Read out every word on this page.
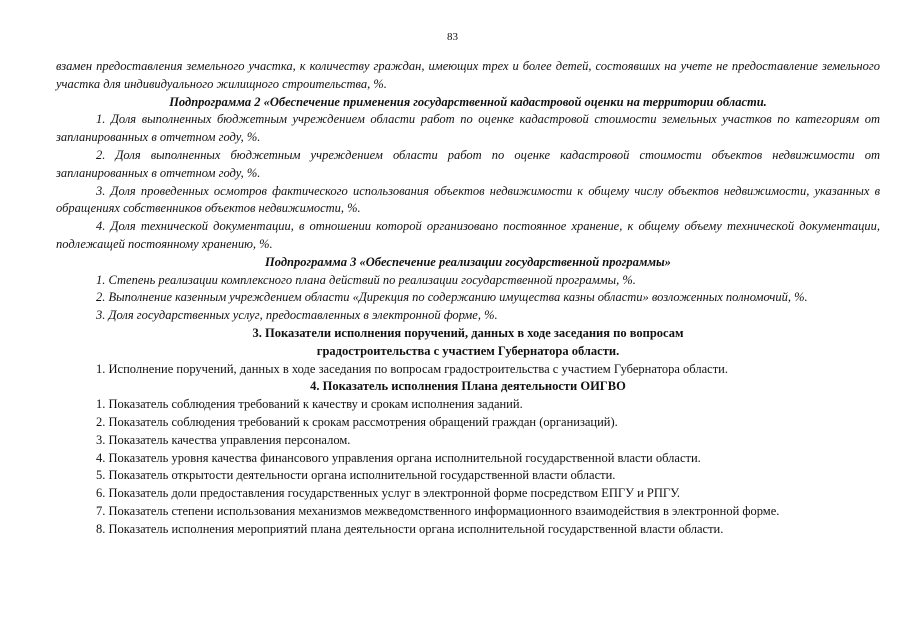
83

взамен предоставления земельного участка, к количеству граждан, имеющих трех и более детей, состоявших на учете не предоставление земельного участка для индивидуального жилищного строительства, %.

Подпрограмма 2 «Обеспечение применения государственной кадастровой оценки на территории области.

1. Доля выполненных бюджетным учреждением области работ по оценке кадастровой стоимости земельных участков по категориям от запланированных в отчетном году, %.

2. Доля выполненных бюджетным учреждением области работ по оценке кадастровой стоимости объектов недвижимости от запланированных в отчетном году, %.

3. Доля проведенных осмотров фактического использования объектов недвижимости к общему числу объектов недвижимости, указанных в обращениях собственников объектов недвижимости, %.

4. Доля технической документации, в отношении которой организовано постоянное хранение, к общему объему технической документации, подлежащей постоянному хранению, %.

Подпрограмма 3 «Обеспечение реализации государственной программы»

1. Степень реализации комплексного плана действий по реализации государственной программы, %.

2. Выполнение казенным учреждением области «Дирекция по содержанию имущества казны области» возложенных полномочий, %.

3. Доля государственных услуг, предоставленных в электронной форме, %.

3. Показатели исполнения поручений, данных в ходе заседания по вопросам

градостроительства с участием Губернатора области.

1. Исполнение поручений, данных в ходе заседания по вопросам градостроительства с участием Губернатора области.

4. Показатель исполнения Плана деятельности ОИГВО

1. Показатель соблюдения требований к качеству и срокам исполнения заданий.

2. Показатель соблюдения требований к срокам рассмотрения обращений граждан (организаций).

3. Показатель качества управления персоналом.

4. Показатель уровня качества финансового управления органа исполнительной государственной власти области.

5. Показатель открытости деятельности органа исполнительной государственной власти области.

6. Показатель доли предоставления государственных услуг в электронной форме посредством ЕПГУ и РПГУ.

7. Показатель степени использования механизмов межведомственного информационного взаимодействия в электронной форме.

8. Показатель исполнения мероприятий плана деятельности органа исполнительной государственной власти области.
